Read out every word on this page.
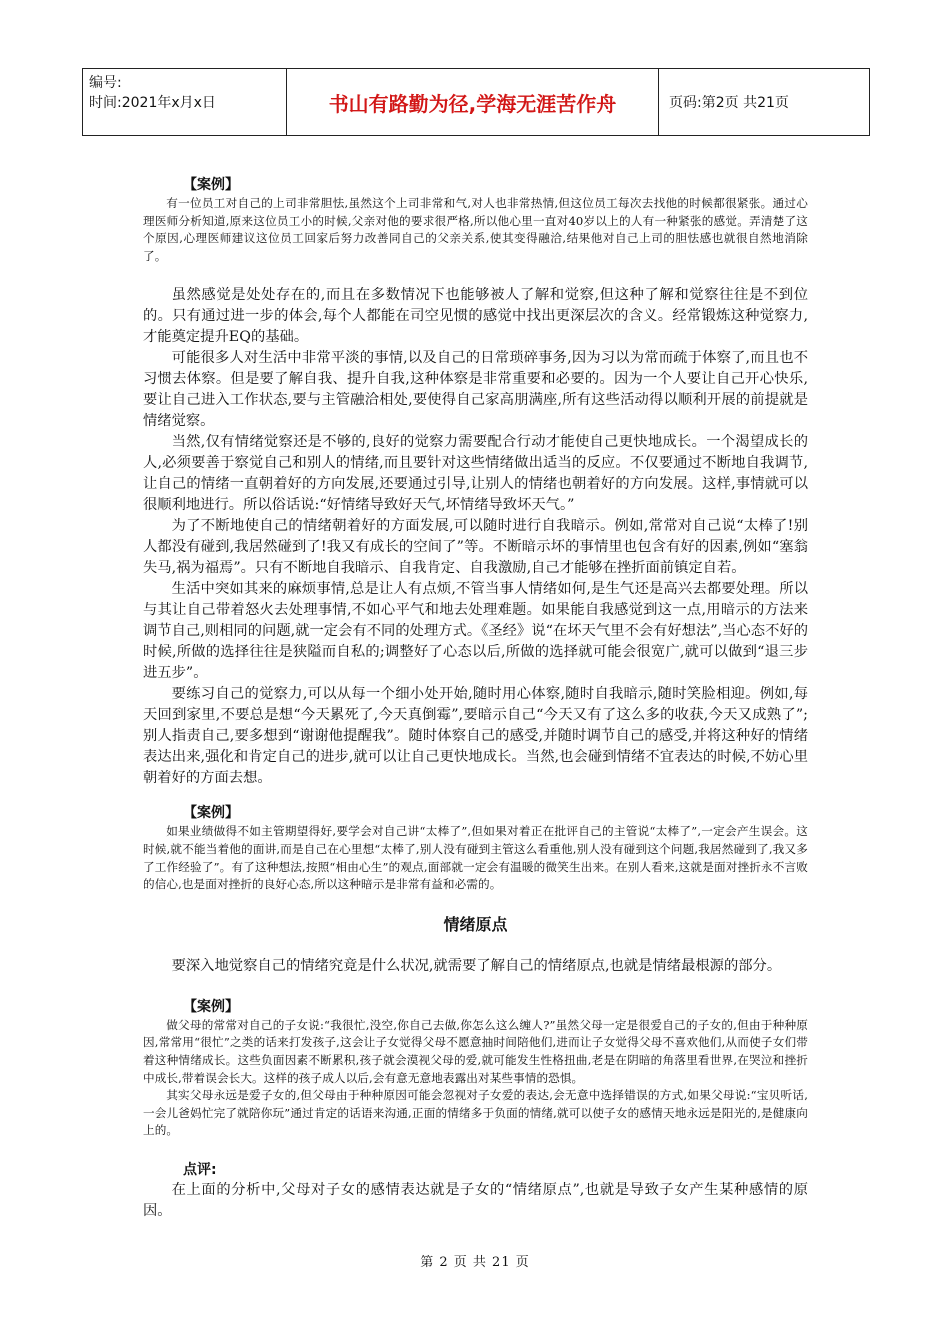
编号:
时间:2021年x月x日	书山有路勤为径,学海无涯苦作舟	页码:第2页 共21页
【案例】

有一位员工对自己的上司非常胆怯,虽然这个上司非常和气,对人也非常热情,但这位员工每次去找他的时候都很紧张。通过心理医师分析知道,原来这位员工小的时候,父亲对他的要求很严格,所以他心里一直对40岁以上的人有一种紧张的感觉。弄清楚了这个原因,心理医师建议这位员工回家后努力改善同自己的父亲关系,使其变得融洽,结果他对自己上司的胆怯感也就很自然地消除了。

虽然感觉是处处存在的,而且在多数情况下也能够被人了解和觉察,但这种了解和觉察往往是不到位的。只有通过进一步的体会,每个人都能在司空见惯的感觉中找出更深层次的含义。经常锻炼这种觉察力,才能奠定提升EQ的基础。

可能很多人对生活中非常平淡的事情,以及自己的日常琐碎事务,因为习以为常而疏于体察了,而且也不习惯去体察。但是要了解自我、提升自我,这种体察是非常重要和必要的。因为一个人要让自己开心快乐,要让自己进入工作状态,要与主管融洽相处,要使得自己家高朋满座,所有这些活动得以顺利开展的前提就是情绪觉察。

当然,仅有情绪觉察还是不够的,良好的觉察力需要配合行动才能使自己更快地成长。一个渴望成长的人,必须要善于察觉自己和别人的情绪,而且要针对这些情绪做出适当的反应。不仅要通过不断地自我调节,让自己的情绪一直朝着好的方向发展,还要通过引导,让别人的情绪也朝着好的方向发展。这样,事情就可以很顺利地进行。所以俗话说:“好情绪导致好天气,坏情绪导致坏天气。”

为了不断地使自己的情绪朝着好的方面发展,可以随时进行自我暗示。例如,常常对自己说“太棒了!别人都没有碰到,我居然碰到了!我又有成长的空间了”等。不断暗示坏的事情里也包含有好的因素,例如“塞翁失马,祸为福焉”。只有不断地自我暗示、自我肯定、自我激励,自己才能够在挫折面前镇定自若。

生活中突如其来的麻烦事情,总是让人有点烦,不管当事人情绪如何,是生气还是高兴去都要处理。所以与其让自己带着怒火去处理事情,不如心平气和地去处理难题。如果能自我感觉到这一点,用暗示的方法来调节自己,则相同的问题,就一定会有不同的处理方式。《圣经》说“在坏天气里不会有好想法”,当心态不好的时候,所做的选择往往是狭隘而自私的;调整好了心态以后,所做的选择就可能会很宽广,就可以做到“退三步进五步”。

要练习自己的觉察力,可以从每一个细小处开始,随时用心体察,随时自我暗示,随时笑脸相迎。例如,每天回到家里,不要总是想“今天累死了,今天真倒霉”,要暗示自己“今天又有了这么多的收获,今天又成熟了”;别人指责自己,要多想到“谢谢他提醒我”。随时体察自己的感受,并随时调节自己的感受,并将这种好的情绪表达出来,强化和肯定自己的进步,就可以让自己更快地成长。当然,也会碰到情绪不宜表达的时候,不妨心里朝着好的方面去想。

【案例】

如果业绩做得不如主管期望得好,要学会对自己讲“太棒了”,但如果对着正在批评自己的主管说“太棒了”,一定会产生误会。这时候,就不能当着他的面讲,而是自己在心里想“太棒了,别人没有碰到主管这么看重他,别人没有碰到这个问题,我居然碰到了,我又多了工作经验了”。有了这种想法,按照“相由心生”的观点,面部就一定会有温暖的微笑生出来。在别人看来,这就是面对挫折永不言败的信心,也是面对挫折的良好心态,所以这种暗示是非常有益和必需的。

情绪原点

要深入地觉察自己的情绪究竟是什么状况,就需要了解自己的情绪原点,也就是情绪最根源的部分。

【案例】

做父母的常常对自己的子女说:“我很忙,没空,你自己去做,你怎么这么缠人?”虽然父母一定是很爱自己的子女的,但由于种种原因,常常用“很忙”之类的话来打发孩子,这会让子女觉得父母不愿意抽时间陪他们,进而让子女觉得父母不喜欢他们,从而使子女们带着这种情绪成长。这些负面因素不断累积,孩子就会漠视父母的爱,就可能发生性格扭曲,老是在阴暗的角落里看世界,在哭泣和挫折中成长,带着误会长大。这样的孩子成人以后,会有意无意地表露出对某些事情的恐惧。

其实父母永远是爱子女的,但父母由于种种原因可能会忽视对子女爱的表达,会无意中选择错误的方式,如果父母说:“宝贝听话,一会儿爸妈忙完了就陪你玩”通过肯定的话语来沟通,正面的情绪多于负面的情绪,就可以使子女的感情天地永远是阳光的,是健康向上的。

点评:

在上面的分析中,父母对子女的感情表达就是子女的“情绪原点”,也就是导致子女产生某种感情的原因。

第 2 页 共 21 页
